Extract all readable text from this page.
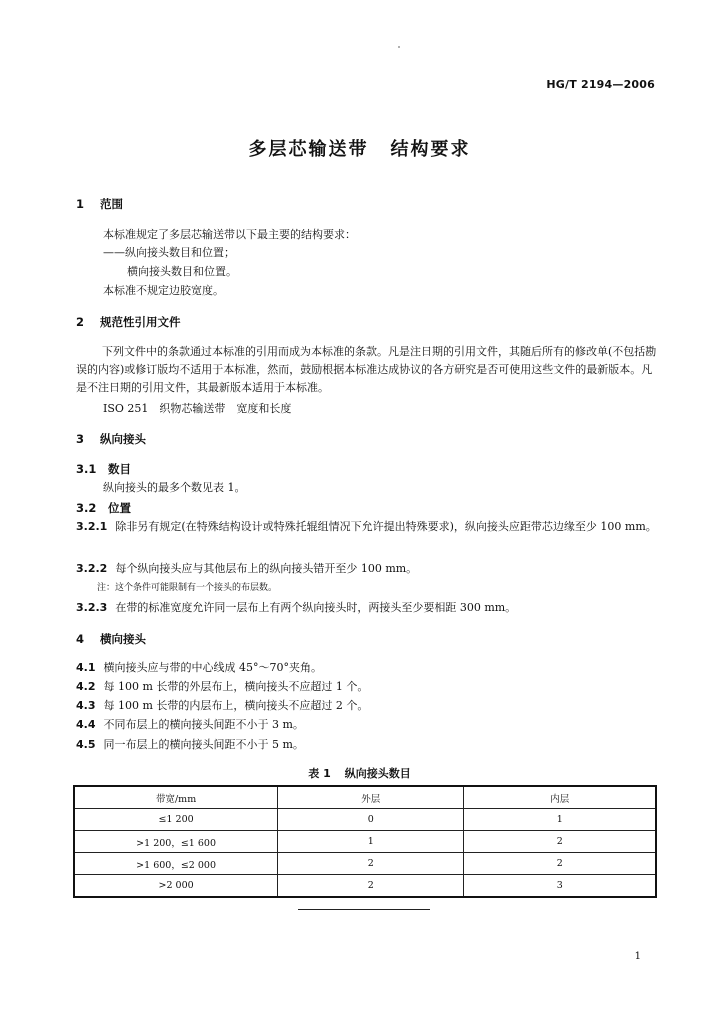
HG/T 2194—2006
多层芯输送带 结构要求
1 范围
本标准规定了多层芯输送带以下最主要的结构要求：
——纵向接头数目和位置；
横向接头数目和位置。
本标准不规定边胶宽度。
2 规范性引用文件
下列文件中的条款通过本标准的引用而成为本标准的条款。凡是注日期的引用文件，其随后所有的修改单(不包括勘误的内容)或修订版均不适用于本标准，然而，鼓励根据本标准达成协议的各方研究是否可使用这些文件的最新版本。凡是不注日期的引用文件，其最新版本适用于本标准。
ISO 251　织物芯输送带　宽度和长度
3 纵向接头
3.1 数目
纵向接头的最多个数见表 1。
3.2 位置
3.2.1 除非另有规定(在特殊结构设计或特殊托辊组情况下允许提出特殊要求)，纵向接头应距带芯边缘至少 100 mm。
3.2.2 每个纵向接头应与其他层布上的纵向接头错开至少 100 mm。
注：这个条件可能限制有一个接头的布层数。
3.2.3 在带的标准宽度允许同一层布上有两个纵向接头时，两接头至少要相距 300 mm。
4 横向接头
4.1 横向接头应与带的中心线成 45°～70°夹角。
4.2 每 100 m 长带的外层布上，横向接头不应超过 1 个。
4.3 每 100 m 长带的内层布上，横向接头不应超过 2 个。
4.4 不同布层上的横向接头间距不小于 3 m。
4.5 同一布层上的横向接头间距不小于 5 m。
表 1 纵向接头数目
带宽/mm	外层	内层
≤1 200	0	1
>1 200，≤1 600	1	2
>1 600，≤2 000	2	2
>2 000	2	3
1
